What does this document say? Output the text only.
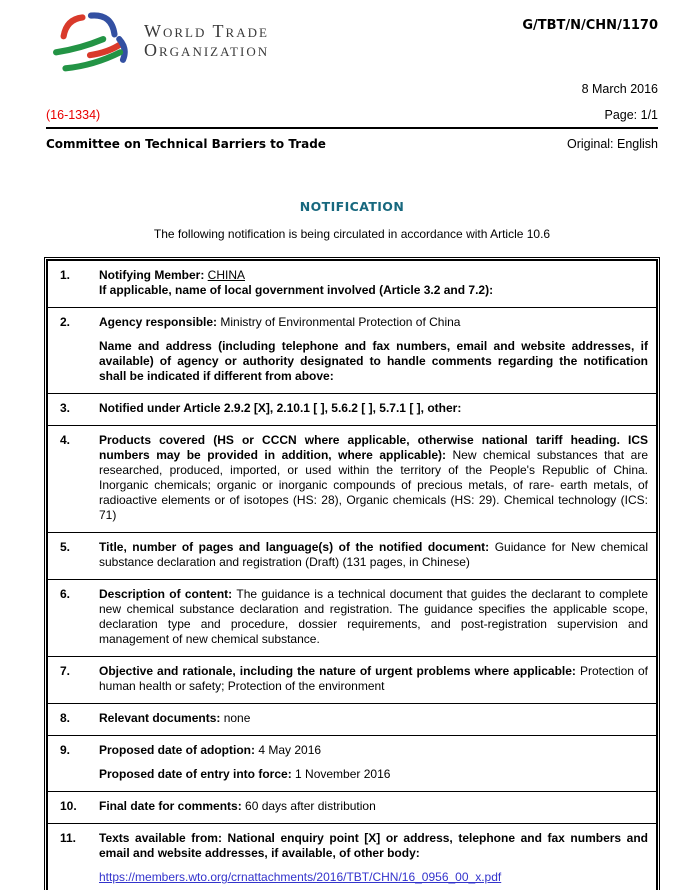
World Trade
Organization
G/TBT/N/CHN/1170
8 March 2016
(16-1334)	Page: 1/1
Committee on Technical Barriers to Trade	Original: English
NOTIFICATION
The following notification is being circulated in accordance with Article 10.6
1.	Notifying Member: CHINA

If applicable, name of local government involved (Article 3.2 and 7.2):

2.	Agency responsible: Ministry of Environmental Protection of China

Name and address (including telephone and fax numbers, email and website addresses, if available) of agency or authority designated to handle comments regarding the notification shall be indicated if different from above:

3.	Notified under Article 2.9.2 [X], 2.10.1 [ ], 5.6.2 [ ], 5.7.1 [ ], other:

4.	Products covered (HS or CCCN where applicable, otherwise national tariff heading. ICS numbers may be provided in addition, where applicable): New chemical substances that are researched, produced, imported, or used within the territory of the People's Republic of China. Inorganic chemicals; organic or inorganic compounds of precious metals, of rare- earth metals, of radioactive elements or of isotopes (HS: 28), Organic chemicals (HS: 29). Chemical technology (ICS: 71)

5.	Title, number of pages and language(s) of the notified document: Guidance for New chemical substance declaration and registration (Draft) (131 pages, in Chinese)

6.	Description of content: The guidance is a technical document that guides the declarant to complete new chemical substance declaration and registration. The guidance specifies the applicable scope, declaration type and procedure, dossier requirements, and post-registration supervision and management of new chemical substance.

7.	Objective and rationale, including the nature of urgent problems where applicable: Protection of human health or safety; Protection of the environment

8.	Relevant documents: none

9.	Proposed date of adoption: 4 May 2016

Proposed date of entry into force: 1 November 2016

10.	Final date for comments: 60 days after distribution

11.	Texts available from: National enquiry point [X] or address, telephone and fax numbers and email and website addresses, if available, of other body:

https://members.wto.org/crnattachments/2016/TBT/CHN/16_0956_00_x.pdf
